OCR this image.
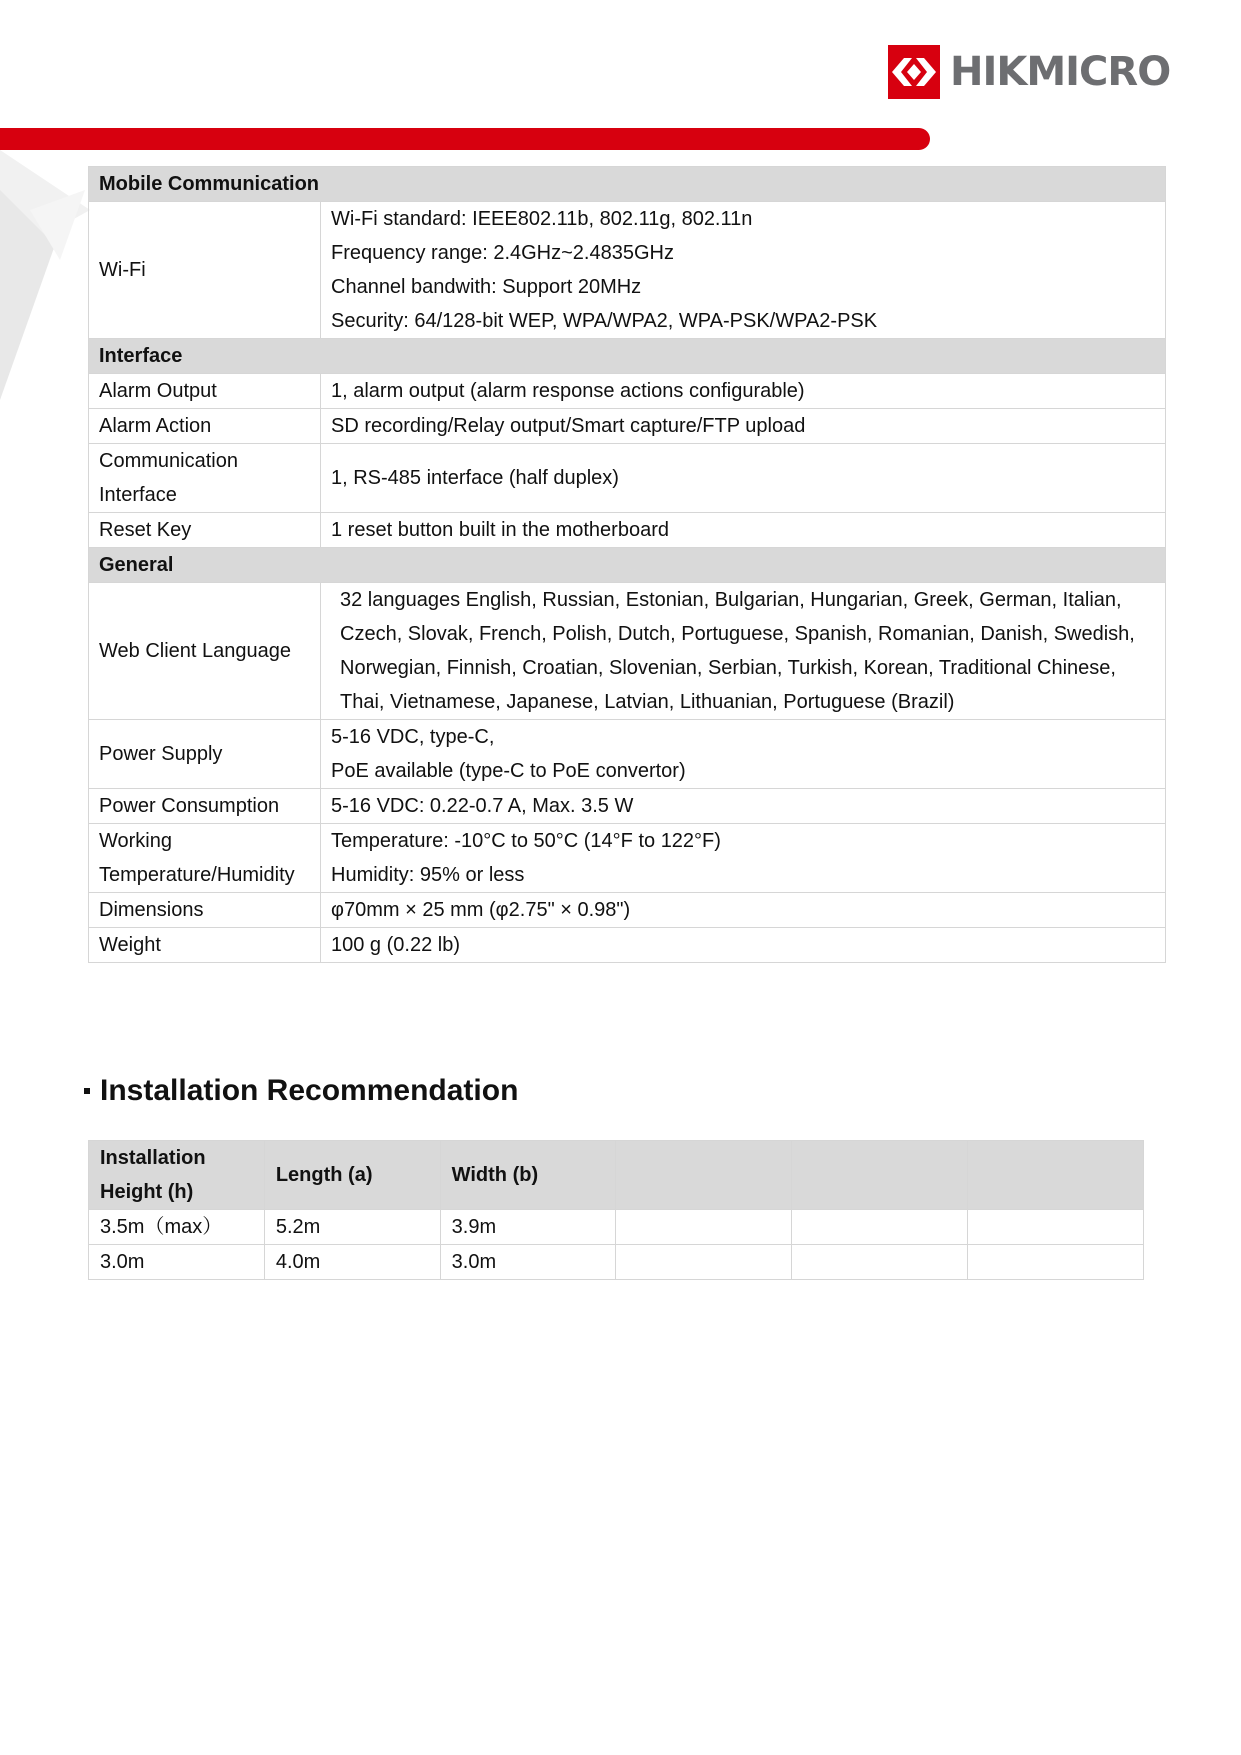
HIKMICRO
Mobile Communication	
Wi-Fi	Wi-Fi standard: IEEE802.11b, 802.11g, 802.11n
Frequency range: 2.4GHz~2.4835GHz
Channel bandwith: Support 20MHz
Security: 64/128-bit WEP, WPA/WPA2, WPA-PSK/WPA2-PSK

Interface	
Alarm Output	1, alarm output (alarm response actions configurable)

Alarm Action	SD recording/Relay output/Smart capture/FTP upload

Communication Interface	1, RS-485 interface (half duplex)

Reset Key	1 reset button built in the motherboard

General	
Web Client Language	32 languages English, Russian, Estonian, Bulgarian, Hungarian, Greek, German, Italian, Czech, Slovak, French, Polish, Dutch, Portuguese, Spanish, Romanian, Danish, Swedish, Norwegian, Finnish, Croatian, Slovenian, Serbian, Turkish, Korean, Traditional Chinese, Thai, Vietnamese, Japanese, Latvian, Lithuanian, Portuguese (Brazil)

Power Supply	5-16 VDC, type-C,
PoE available (type-C to PoE convertor)

Power Consumption	5-16 VDC: 0.22-0.7 A, Max. 3.5 W

Working Temperature/Humidity	Temperature: -10°C to 50°C (14°F to 122°F)
Humidity: 95% or less

Dimensions	φ70mm × 25 mm (φ2.75" × 0.98")

Weight	100 g (0.22 lb)
Installation Recommendation
Installation Height (h)	Length (a)	Width (b)			
3.5m（max）	5.2m	3.9m			
3.0m	4.0m	3.0m			
